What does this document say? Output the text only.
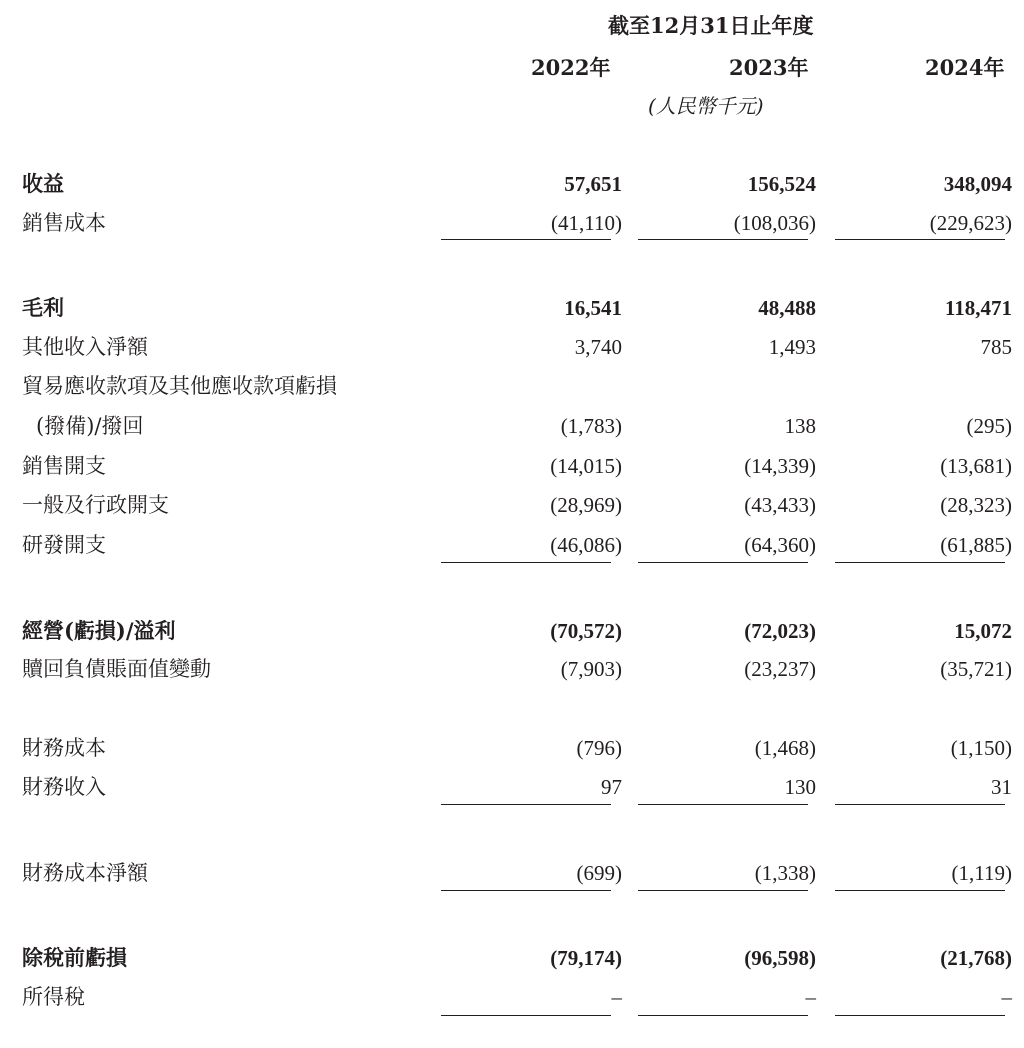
截至12月31日止年度
2022年	2023年	2024年
(人民幣千元)
收益	57,651	156,524	348,094
銷售成本	(41,110)	(108,036)	(229,623)
毛利	16,541	48,488	118,471
其他收入淨額	3,740	1,493	785
貿易應收款項及其他應收款項虧損
(撥備)/撥回	(1,783)	138	(295)
銷售開支	(14,015)	(14,339)	(13,681)
一般及行政開支	(28,969)	(43,433)	(28,323)
研發開支	(46,086)	(64,360)	(61,885)
經營(虧損)/溢利	(70,572)	(72,023)	15,072
贖回負債賬面值變動	(7,903)	(23,237)	(35,721)
財務成本	(796)	(1,468)	(1,150)
財務收入	97	130	31
財務成本淨額	(699)	(1,338)	(1,119)
除稅前虧損	(79,174)	(96,598)	(21,768)
所得稅	–	–	–
